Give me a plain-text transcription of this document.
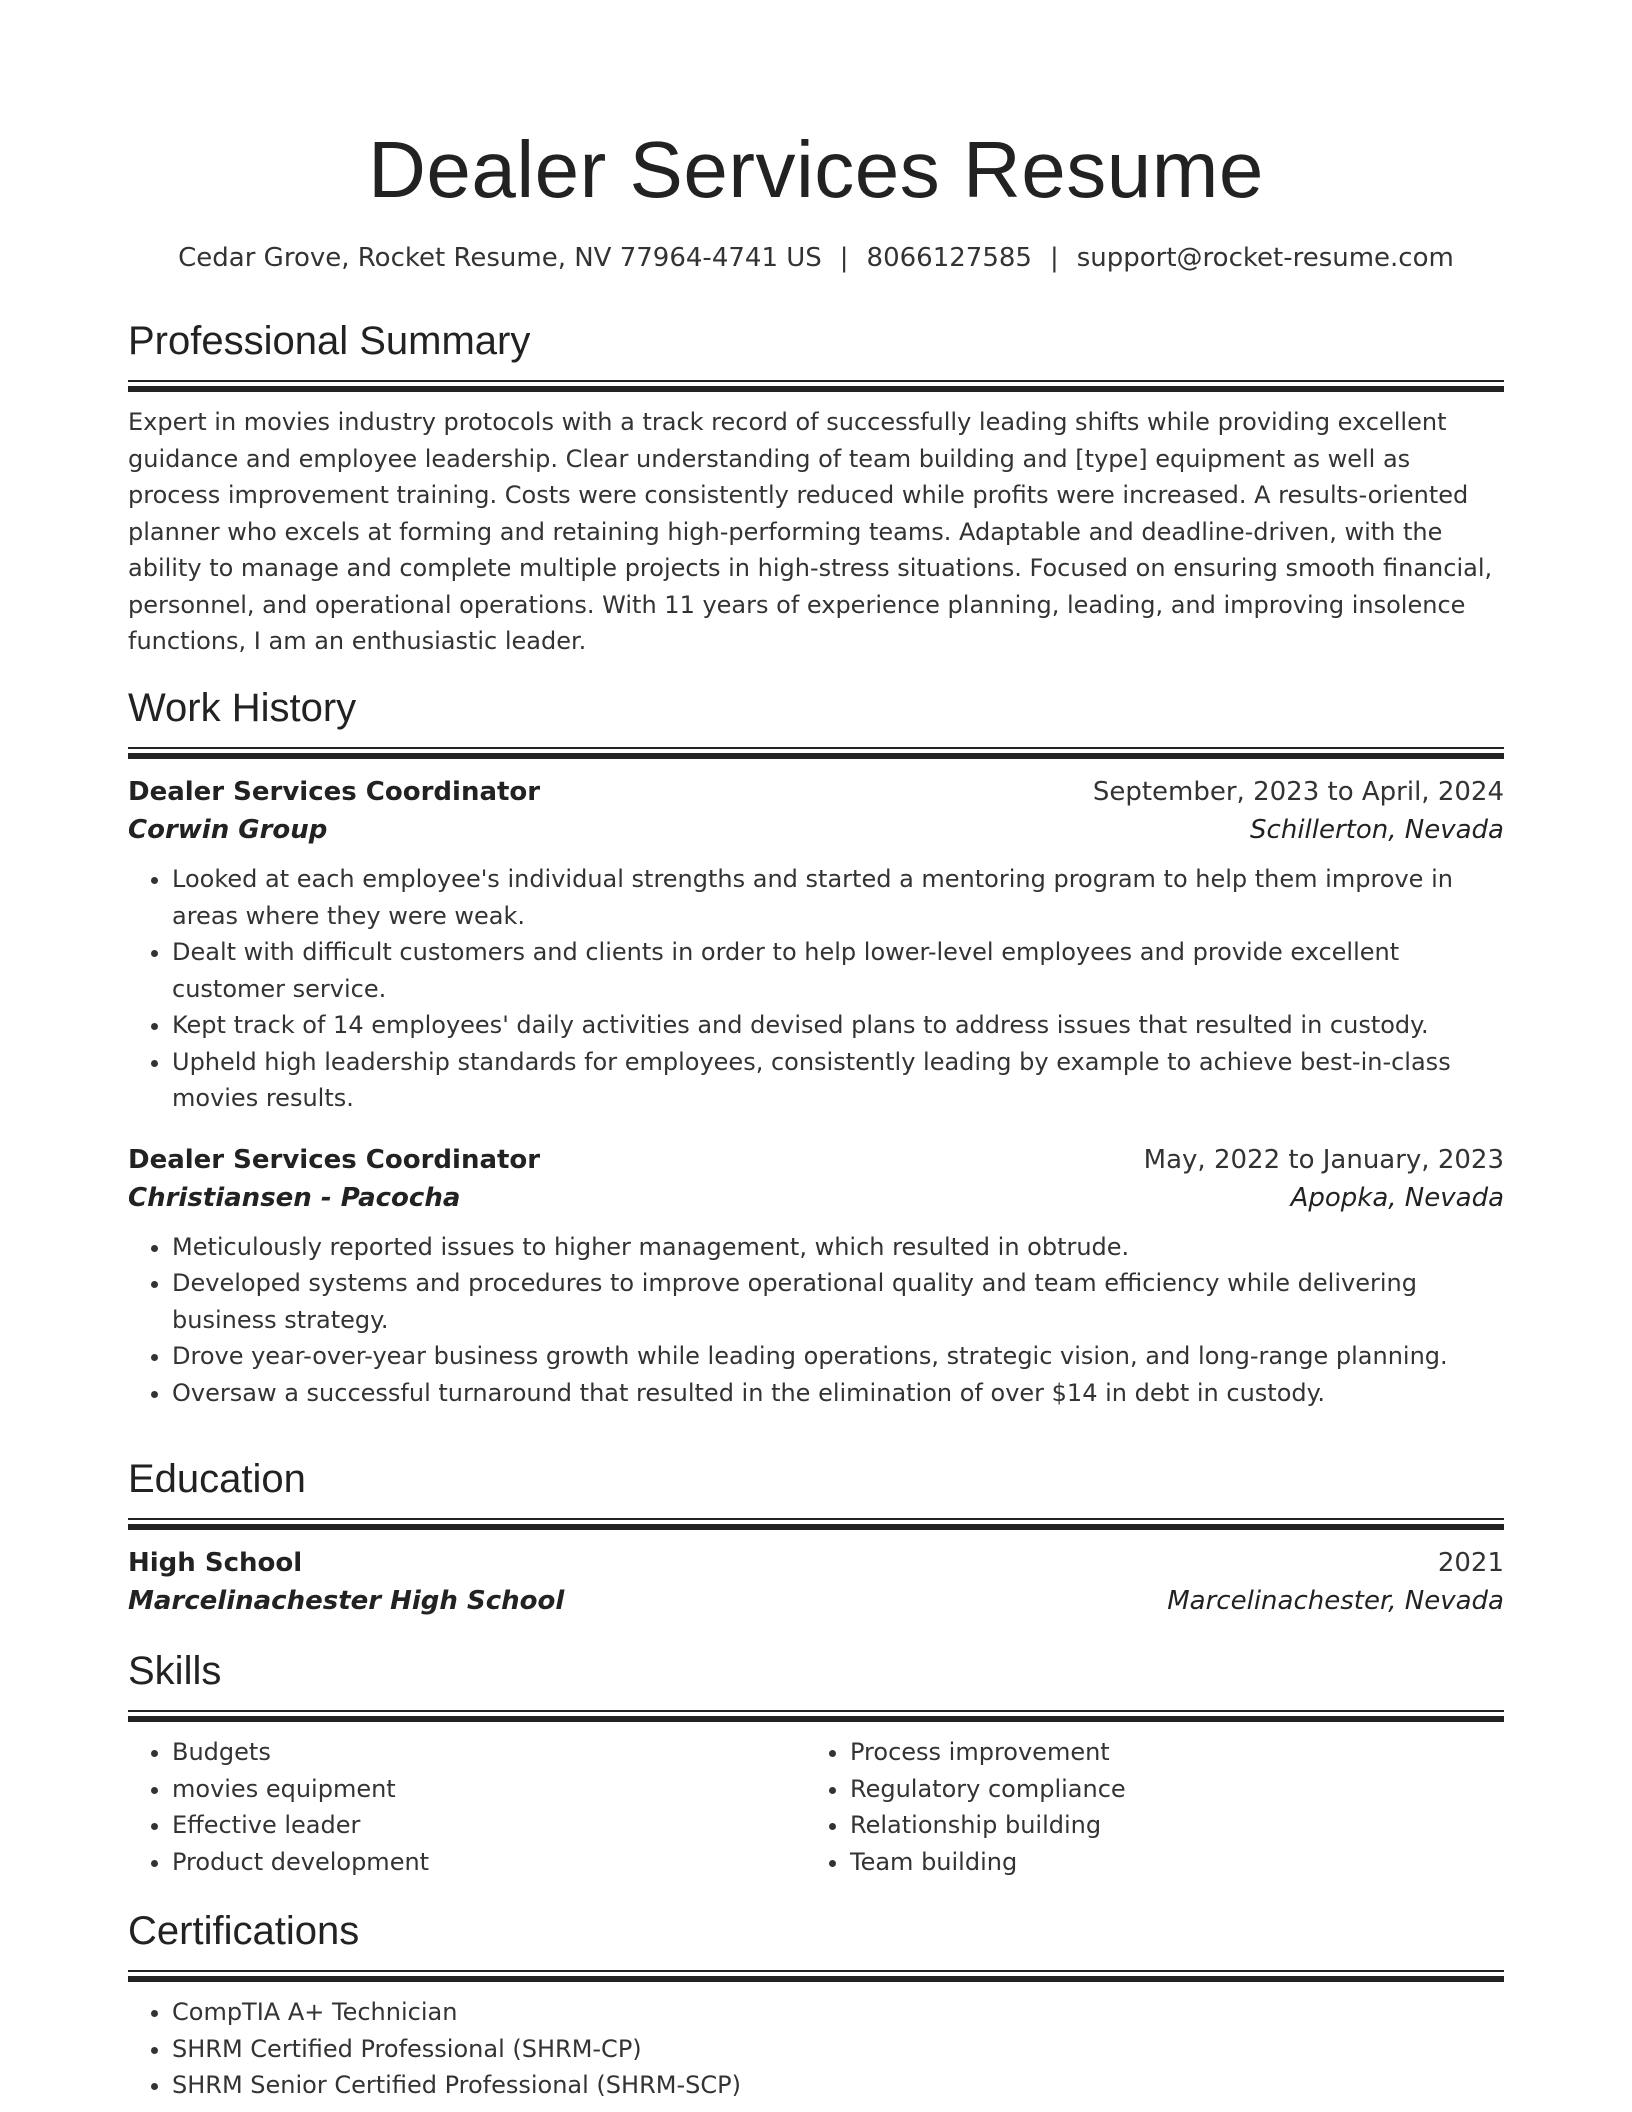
Dealer Services Resume
Cedar Grove, Rocket Resume, NV 77964-4741 US | 8066127585 | support@rocket-resume.com
Professional Summary

Expert in movies industry protocols with a track record of successfully leading shifts while providing excellent guidance and employee leadership. Clear understanding of team building and [type] equipment as well as process improvement training. Costs were consistently reduced while profits were increased. A results-oriented planner who excels at forming and retaining high-performing teams. Adaptable and deadline-driven, with the ability to manage and complete multiple projects in high-stress situations. Focused on ensuring smooth financial, personnel, and operational operations. With 11 years of experience planning, leading, and improving insolence functions, I am an enthusiastic leader.

Work History
Dealer Services Coordinator	September, 2023 to April, 2024
Corwin Group	Schillerton, Nevada
• Looked at each employee's individual strengths and started a mentoring program to help them improve in areas where they were weak.
• Dealt with difficult customers and clients in order to help lower-level employees and provide excellent customer service.
• Kept track of 14 employees' daily activities and devised plans to address issues that resulted in custody.
• Upheld high leadership standards for employees, consistently leading by example to achieve best-in-class movies results.
Dealer Services Coordinator	May, 2022 to January, 2023
Christiansen - Pacocha	Apopka, Nevada
• Meticulously reported issues to higher management, which resulted in obtrude.
• Developed systems and procedures to improve operational quality and team efficiency while delivering business strategy.
• Drove year-over-year business growth while leading operations, strategic vision, and long-range planning.
• Oversaw a successful turnaround that resulted in the elimination of over $14 in debt in custody.
Education
High School	2021
Marcelinachester High School	Marcelinachester, Nevada
Skills
• Budgets
• movies equipment
• Effective leader
• Product development
• Process improvement
• Regulatory compliance
• Relationship building
• Team building
Certifications
• CompTIA A+ Technician
• SHRM Certified Professional (SHRM-CP)
• SHRM Senior Certified Professional (SHRM-SCP)
